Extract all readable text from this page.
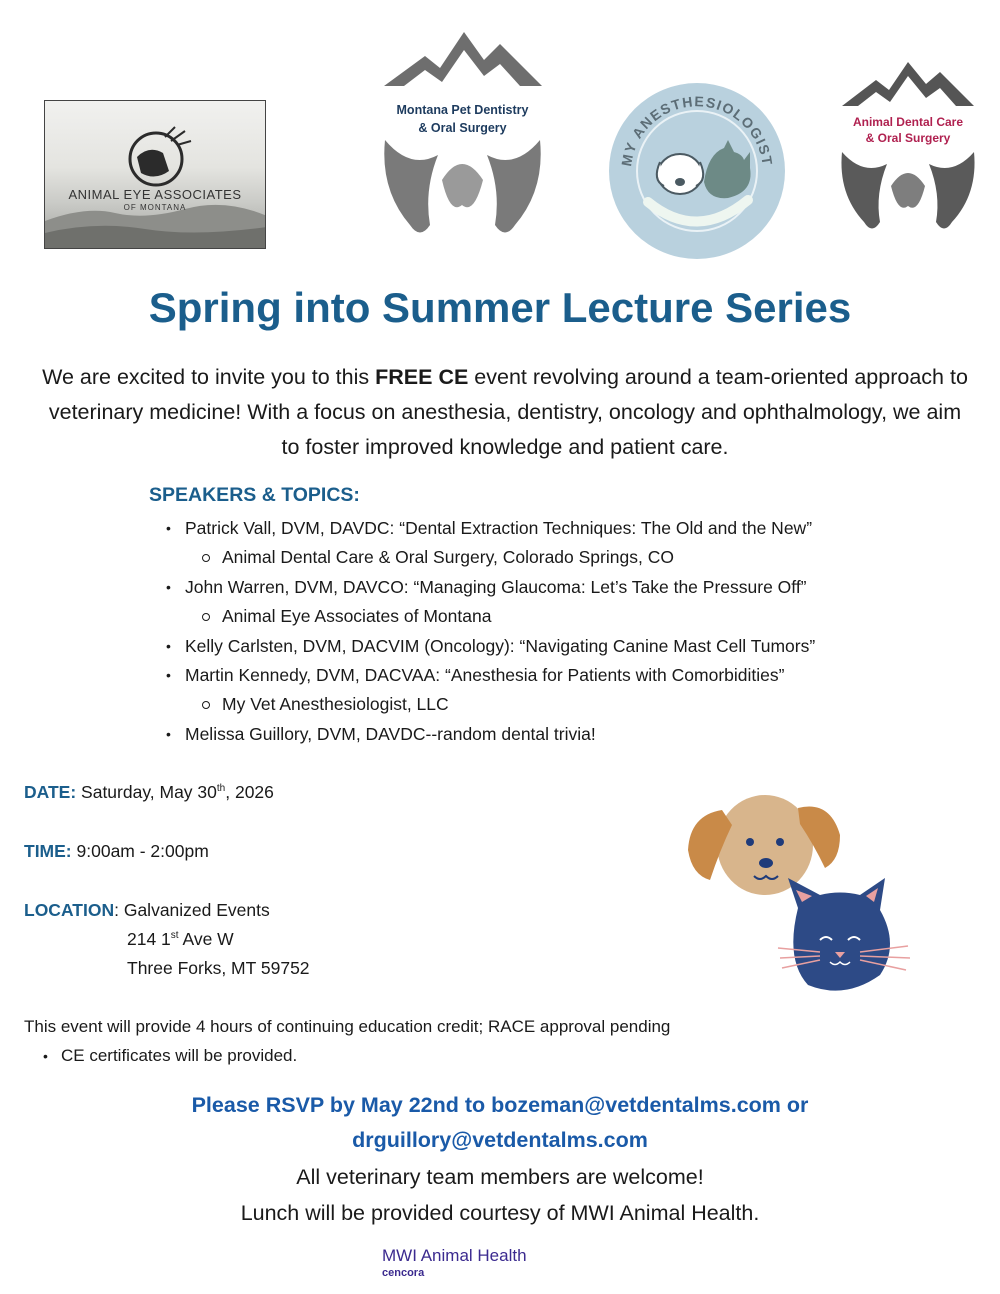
ANIMAL EYE ASSOCIATES
OF MONTANA
Montana Pet Dentistry
& Oral Surgery
MY ANESTHESIOLOGIST
Animal Dental Care
& Oral Surgery
Spring into Summer Lecture Series
We are excited to invite you to this FREE CE event revolving around a team-oriented approach to veterinary medicine! With a focus on anesthesia, dentistry, oncology and ophthalmology, we aim to foster improved knowledge and patient care.
SPEAKERS & TOPICS:
• Patrick Vall, DVM, DAVDC: “Dental Extraction Techniques: The Old and the New”
Animal Dental Care & Oral Surgery, Colorado Springs, CO
• John Warren, DVM, DAVCO: “Managing Glaucoma: Let’s Take the Pressure Off”
Animal Eye Associates of Montana
• Kelly Carlsten, DVM, DACVIM (Oncology): “Navigating Canine Mast Cell Tumors”
• Martin Kennedy, DVM, DACVAA: “Anesthesia for Patients with Comorbidities”
My Vet Anesthesiologist, LLC
• Melissa Guillory, DVM, DAVDC--random dental trivia!
DATE: Saturday, May 30th, 2026
TIME: 9:00am - 2:00pm
LOCATION: Galvanized Events
214 1st Ave W
Three Forks, MT 59752
This event will provide 4 hours of continuing education credit; RACE approval pending
• CE certificates will be provided.
Please RSVP by May 22nd to bozeman@vetdentalms.com or
drguillory@vetdentalms.com
All veterinary team members are welcome!
Lunch will be provided courtesy of MWI Animal Health.
MWI Animal Health
cencora
